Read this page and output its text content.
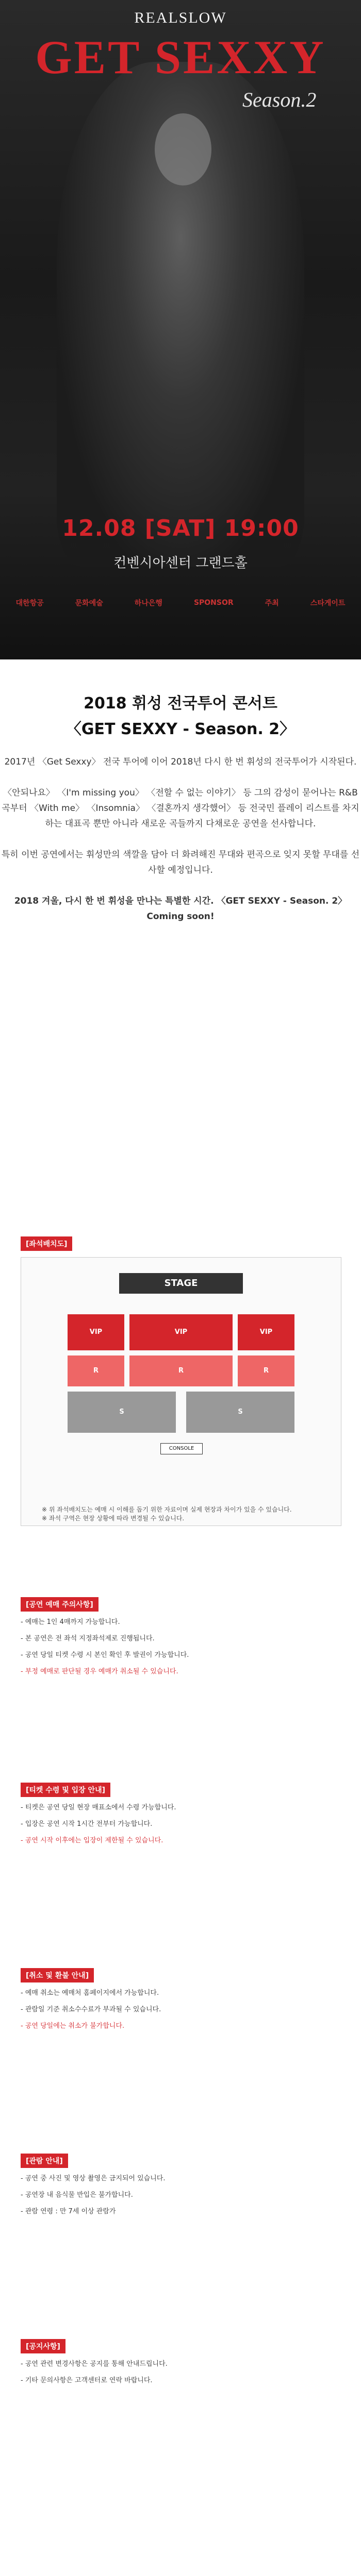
REALSLOW
GET SEXXY
Season.2
12.08 [SAT] 19:00
컨벤시아센터 그랜드홀
대한항공	문화예술	하나은행	SPONSOR	주최	스타게이트
2018 휘성 전국투어 콘서트
〈GET SEXXY - Season. 2〉

2017년 〈Get Sexxy〉 전국 투어에 이어 2018년 다시 한 번 휘성의 전국투어가 시작된다.

〈안되나요〉 〈I'm missing you〉 〈전할 수 없는 이야기〉 등 그의 감성이 묻어나는 R&B곡부터 〈With me〉 〈Insomnia〉 〈결혼까지 생각했어〉 등 전국민 플레이 리스트를 차지하는 대표곡 뿐만 아니라 새로운 곡들까지 다채로운 공연을 선사합니다.

특히 이번 공연에서는 휘성만의 색깔을 담아 더 화려해진 무대와 편곡으로 잊지 못할 무대를 선사할 예정입니다.

2018 겨울, 다시 한 번 휘성을 만나는 특별한 시간. 〈GET SEXXY - Season. 2〉 Coming soon!

[좌석배치도]
STAGE
VIP
VIP	VIP
R
R	R
S	S
CONSOLE
※ 위 좌석배치도는 예매 시 이해를 돕기 위한 자료이며 실제 현장과 차이가 있을 수 있습니다.
※ 좌석 구역은 현장 상황에 따라 변경될 수 있습니다.
[공연 예매 주의사항]
- 예매는 1인 4매까지 가능합니다.
- 본 공연은 전 좌석 지정좌석제로 진행됩니다.
- 공연 당일 티켓 수령 시 본인 확인 후 발권이 가능합니다.
- 부정 예매로 판단될 경우 예매가 취소될 수 있습니다.
[티켓 수령 및 입장 안내]
- 티켓은 공연 당일 현장 매표소에서 수령 가능합니다.
- 입장은 공연 시작 1시간 전부터 가능합니다.
- 공연 시작 이후에는 입장이 제한될 수 있습니다.
[취소 및 환불 안내]
- 예매 취소는 예매처 홈페이지에서 가능합니다.
- 관람일 기준 취소수수료가 부과될 수 있습니다.
- 공연 당일에는 취소가 불가합니다.
[관람 안내]
- 공연 중 사진 및 영상 촬영은 금지되어 있습니다.
- 공연장 내 음식물 반입은 불가합니다.
- 관람 연령 : 만 7세 이상 관람가
[공지사항]
- 공연 관련 변경사항은 공지를 통해 안내드립니다.
- 기타 문의사항은 고객센터로 연락 바랍니다.
